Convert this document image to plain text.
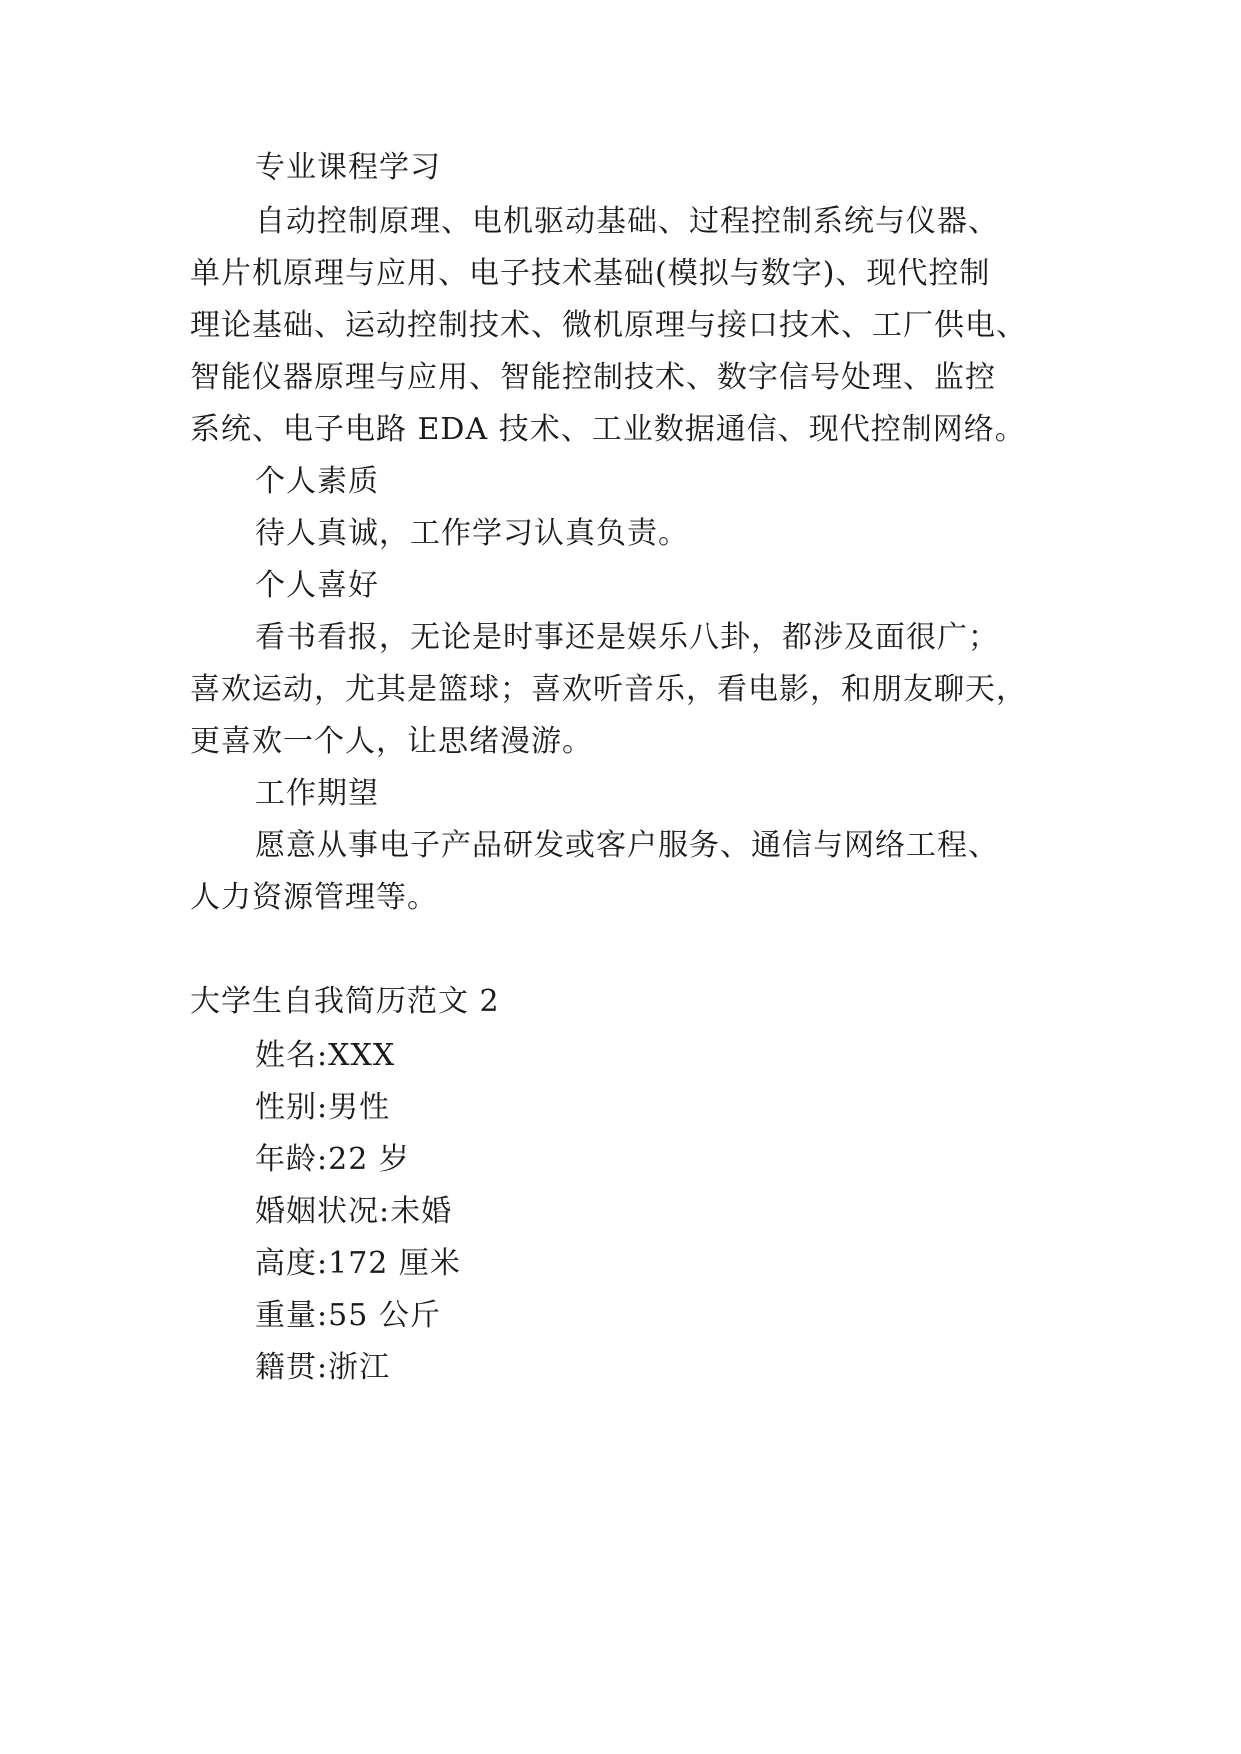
专业课程学习
自动控制原理、电机驱动基础、过程控制系统与仪器、
单片机原理与应用、电子技术基础(模拟与数字)、现代控制
理论基础、运动控制技术、微机原理与接口技术、工厂供电、
智能仪器原理与应用、智能控制技术、数字信号处理、监控
系统、电子电路 EDA 技术、工业数据通信、现代控制网络。
个人素质
待人真诚，工作学习认真负责。
个人喜好
看书看报，无论是时事还是娱乐八卦，都涉及面很广；
喜欢运动，尤其是篮球；喜欢听音乐，看电影，和朋友聊天，
更喜欢一个人，让思绪漫游。
工作期望
愿意从事电子产品研发或客户服务、通信与网络工程、
人力资源管理等。
大学生自我简历范文 2
姓名:XXX
性别:男性
年龄:22 岁
婚姻状况:未婚
高度:172 厘米
重量:55 公斤
籍贯:浙江
